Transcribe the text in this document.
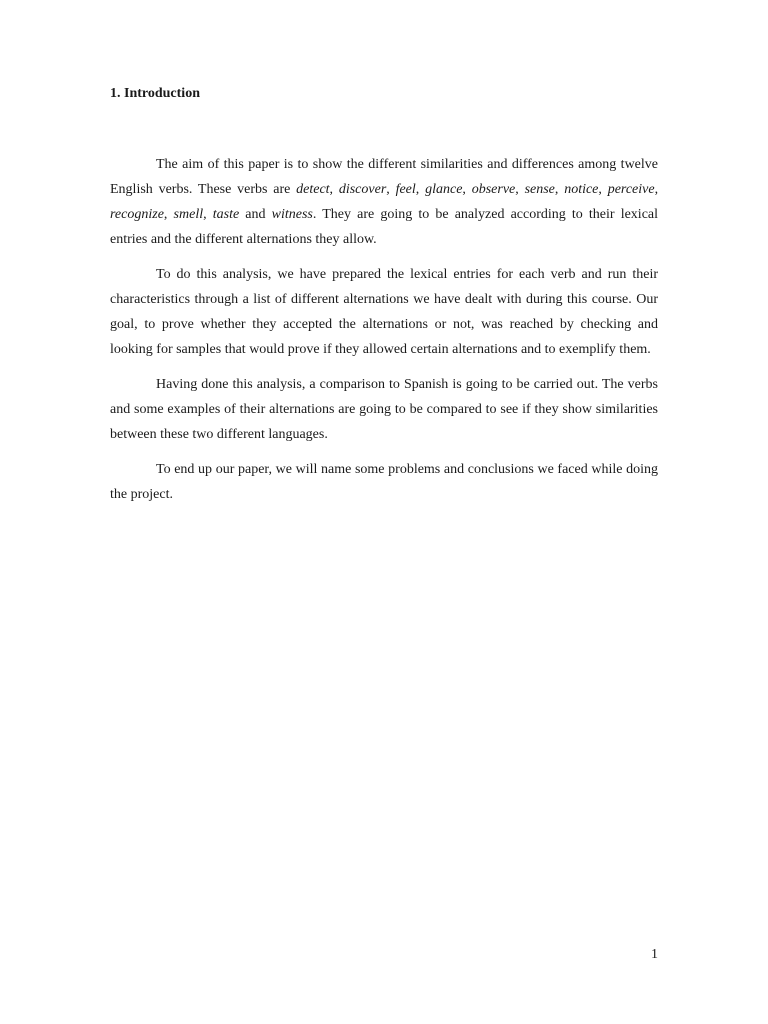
1. Introduction

The aim of this paper is to show the different similarities and differences among twelve English verbs. These verbs are detect, discover, feel, glance, observe, sense, notice, perceive, recognize, smell, taste and witness. They are going to be analyzed according to their lexical entries and the different alternations they allow.

To do this analysis, we have prepared the lexical entries for each verb and run their characteristics through a list of different alternations we have dealt with during this course. Our goal, to prove whether they accepted the alternations or not, was reached by checking and looking for samples that would prove if they allowed certain alternations and to exemplify them.

Having done this analysis, a comparison to Spanish is going to be carried out. The verbs and some examples of their alternations are going to be compared to see if they show similarities between these two different languages.

To end up our paper, we will name some problems and conclusions we faced while doing the project.

1
